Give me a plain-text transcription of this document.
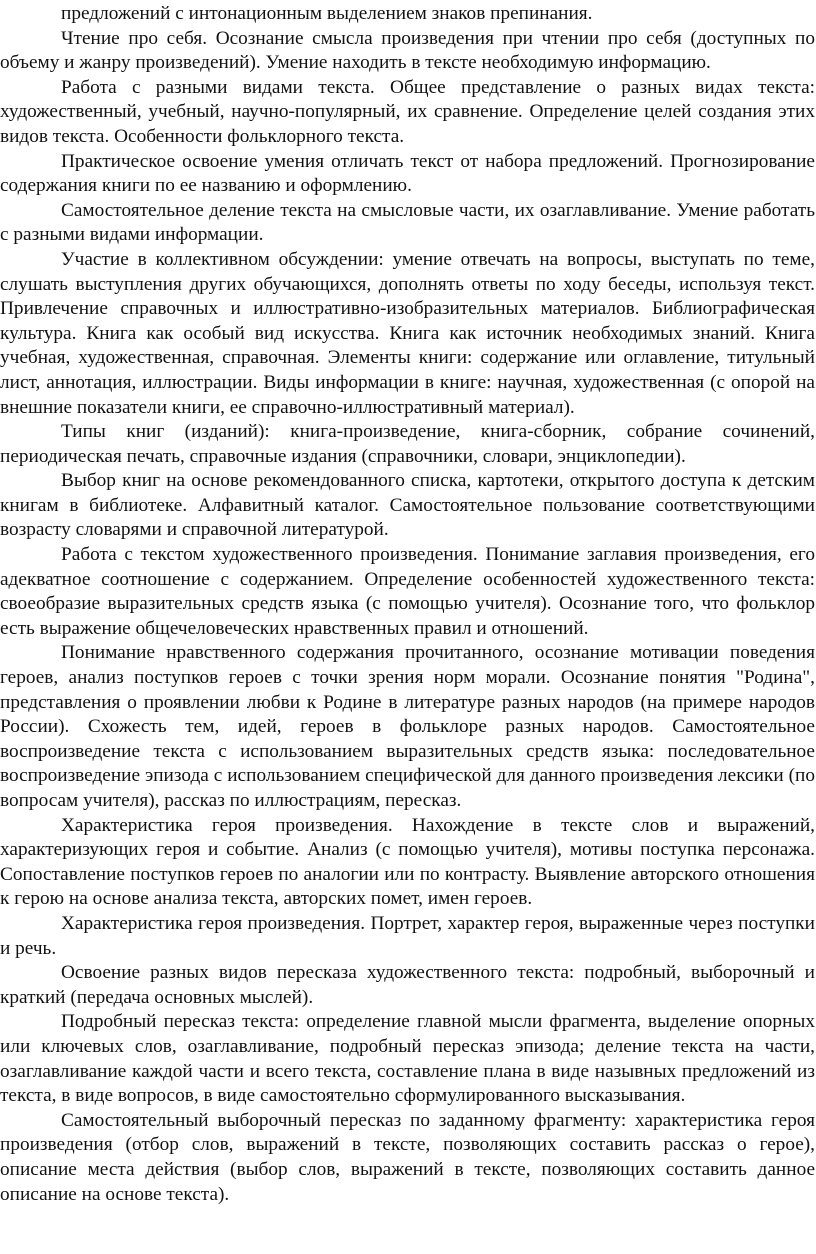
предложений с интонационным выделением знаков препинания.

Чтение про себя. Осознание смысла произведения при чтении про себя (доступных по объему и жанру произведений). Умение находить в тексте необходимую информацию.

Работа с разными видами текста. Общее представление о разных видах текста: художественный, учебный, научно-популярный, их сравнение. Определение целей создания этих видов текста. Особенности фольклорного текста.

Практическое освоение умения отличать текст от набора предложений. Прогнозирование содержания книги по ее названию и оформлению.

Самостоятельное деление текста на смысловые части, их озаглавливание. Умение работать с разными видами информации.

Участие в коллективном обсуждении: умение отвечать на вопросы, выступать по теме, слушать выступления других обучающихся, дополнять ответы по ходу беседы, используя текст. Привлечение справочных и иллюстративно-изобразительных материалов. Библиографическая культура. Книга как особый вид искусства. Книга как источник необходимых знаний. Книга учебная, художественная, справочная. Элементы книги: содержание или оглавление, титульный лист, аннотация, иллюстрации. Виды информации в книге: научная, художественная (с опорой на внешние показатели книги, ее справочно-иллюстративный материал).

Типы книг (изданий): книга-произведение, книга-сборник, собрание сочинений, периодическая печать, справочные издания (справочники, словари, энциклопедии).

Выбор книг на основе рекомендованного списка, картотеки, открытого доступа к детским книгам в библиотеке. Алфавитный каталог. Самостоятельное пользование соответствующими возрасту словарями и справочной литературой.

Работа с текстом художественного произведения. Понимание заглавия произведения, его адекватное соотношение с содержанием. Определение особенностей художественного текста: своеобразие выразительных средств языка (с помощью учителя). Осознание того, что фольклор есть выражение общечеловеческих нравственных правил и отношений.

Понимание нравственного содержания прочитанного, осознание мотивации поведения героев, анализ поступков героев с точки зрения норм морали. Осознание понятия "Родина", представления о проявлении любви к Родине в литературе разных народов (на примере народов России). Схожесть тем, идей, героев в фольклоре разных народов. Самостоятельное воспроизведение текста с использованием выразительных средств языка: последовательное воспроизведение эпизода с использованием специфической для данного произведения лексики (по вопросам учителя), рассказ по иллюстрациям, пересказ.

Характеристика героя произведения. Нахождение в тексте слов и выражений, характеризующих героя и событие. Анализ (с помощью учителя), мотивы поступка персонажа. Сопоставление поступков героев по аналогии или по контрасту. Выявление авторского отношения к герою на основе анализа текста, авторских помет, имен героев.

Характеристика героя произведения. Портрет, характер героя, выраженные через поступки и речь.

Освоение разных видов пересказа художественного текста: подробный, выборочный и краткий (передача основных мыслей).

Подробный пересказ текста: определение главной мысли фрагмента, выделение опорных или ключевых слов, озаглавливание, подробный пересказ эпизода; деление текста на части, озаглавливание каждой части и всего текста, составление плана в виде назывных предложений из текста, в виде вопросов, в виде самостоятельно сформулированного высказывания.

Самостоятельный выборочный пересказ по заданному фрагменту: характеристика героя произведения (отбор слов, выражений в тексте, позволяющих составить рассказ о герое), описание места действия (выбор слов, выражений в тексте, позволяющих составить данное описание на основе текста).
